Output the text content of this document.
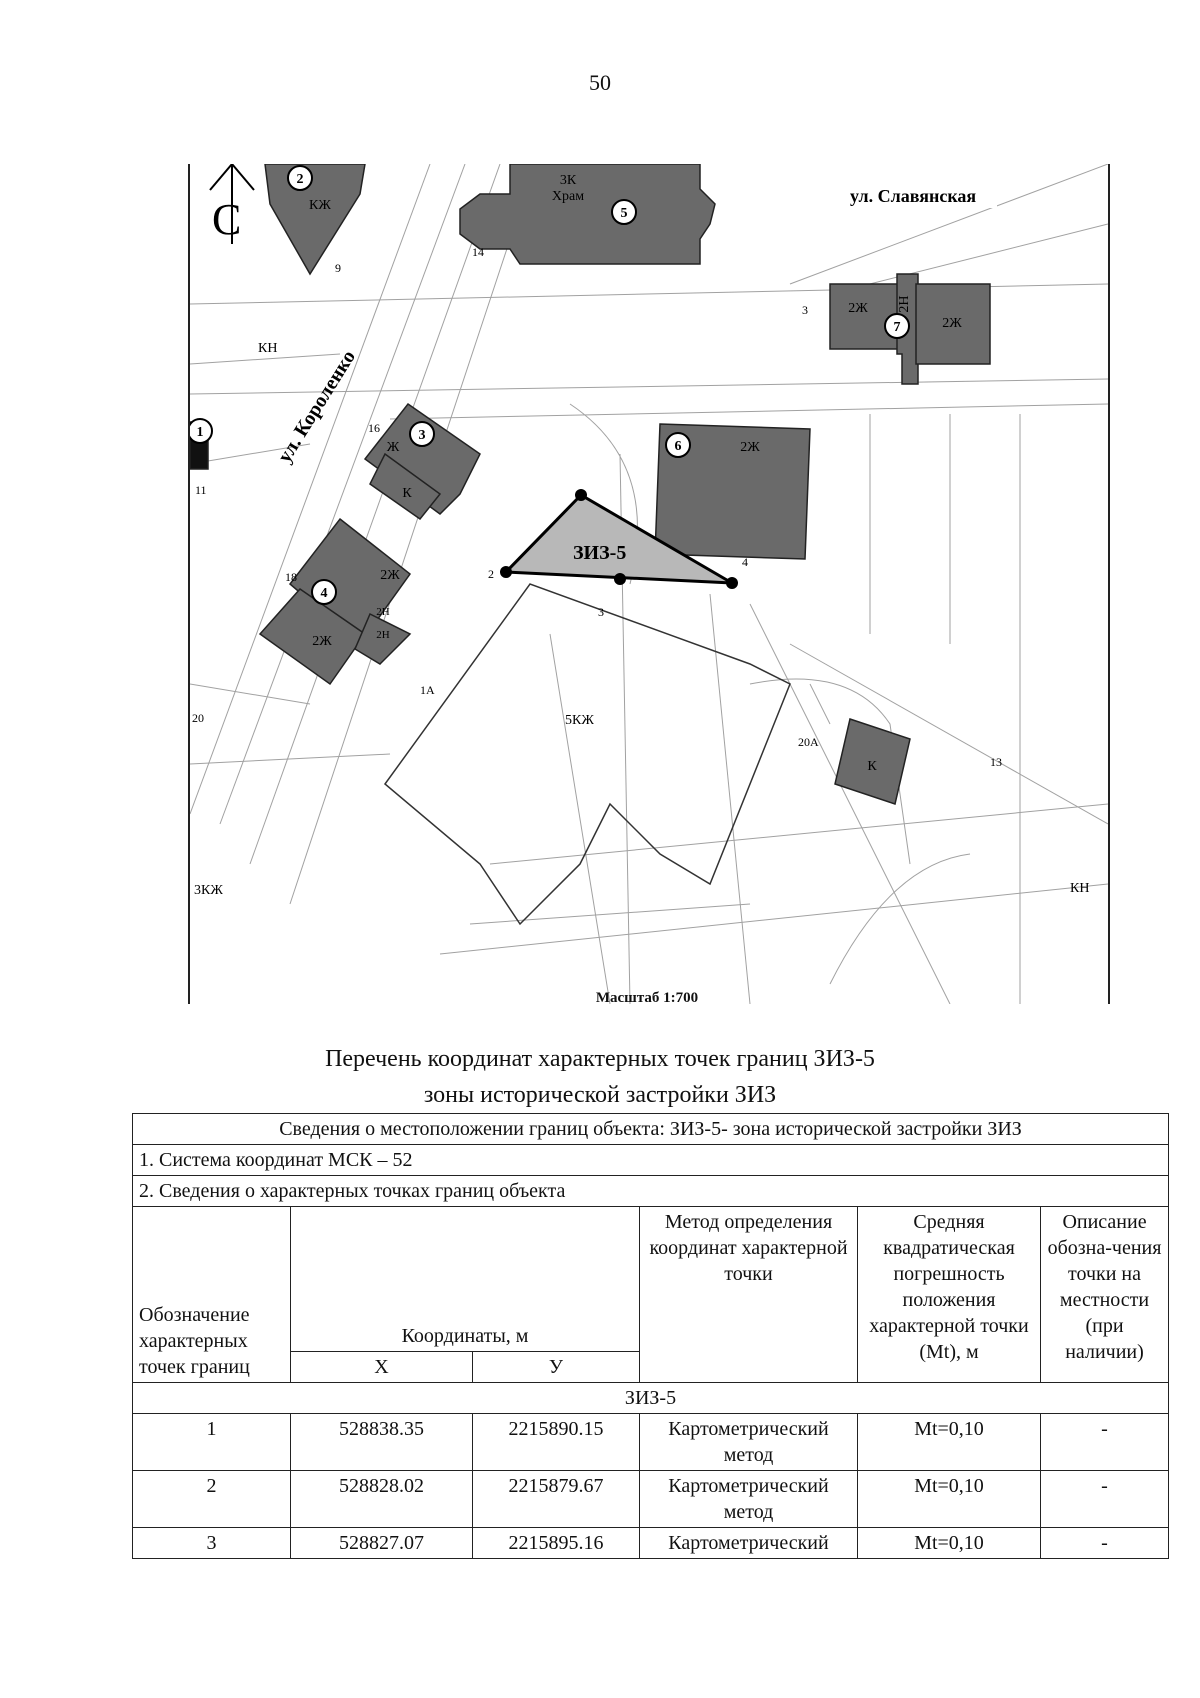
50
С
1
2
3
4
5
6
7
КЖ
3К
Храм
2Ж 2Н
2Ж
Ж
К
2Ж
2Ж
2Н
2Ж	2Н
К
КН
КН
5КЖ
3КЖ
ЗИЗ-5
2
3
4
14
9
16
11
18
1А
20
20А
13
3
ул. Короленко
ул. Славянская
Масштаб 1:700
Перечень координат характерных точек границ ЗИЗ-5
зоны исторической застройки ЗИЗ
Сведения о местоположении границ объекта: ЗИЗ-5- зона исторической застройки ЗИЗ					
1. Система координат МСК – 52					
2. Сведения о характерных точках границ объекта					
Обозначение характерных точек границ	Координаты, м		Метод определения координат характерной точки	Средняя квадратическая погрешность положения характерной точки (Mt), м	Описание обозна-чения точки на местности (при наличии)
	Х	У			
ЗИЗ-5					
1	528838.35	2215890.15	Картометрический метод	Mt=0,10	-
2	528828.02	2215879.67	Картометрический метод	Mt=0,10	-
3	528827.07	2215895.16	Картометрический	Mt=0,10	-
